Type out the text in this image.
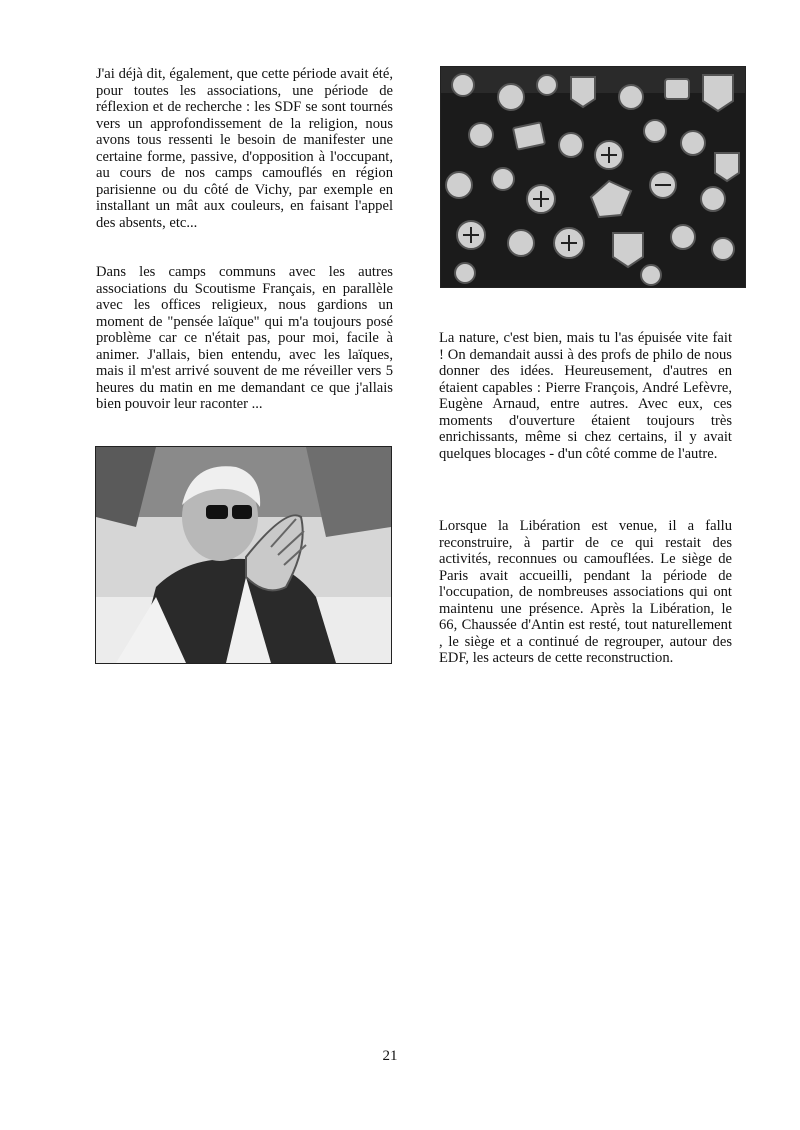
J'ai déjà dit, également, que cette période avait été, pour toutes les associations, une période de réflexion et de recherche : les SDF se sont tournés vers un approfondissement de la religion, nous avons tous ressenti le besoin de manifester une certaine forme, passive, d'opposition à l'occupant, au cours de nos camps camouflés en région parisienne ou du côté de Vichy, par exemple en installant un mât aux couleurs, en faisant l'appel des absents, etc...

Dans les camps communs avec les autres associations du Scoutisme Français, en parallèle avec les offices religieux, nous gardions un moment de "pensée laïque" qui m'a toujours posé problème car ce n'était pas, pour moi, facile à animer. J'allais, bien entendu, avec les laïques, mais il m'est arrivé souvent de me réveiller vers 5 heures du matin en me demandant ce que j'allais bien pouvoir leur raconter ...

La nature, c'est bien, mais tu l'as épuisée vite fait ! On demandait aussi à des profs de philo de nous donner des idées. Heureusement, d'autres en étaient capables : Pierre François, André Lefèvre, Eugène Arnaud, entre autres. Avec eux, ces moments d'ouverture étaient toujours très enrichissants, même si chez certains, il y avait quelques blocages - d'un côté comme de l'autre.

Lorsque la Libération est venue, il a fallu reconstruire, à partir de ce qui restait des activités, reconnues ou camouflées. Le siège de Paris avait accueilli, pendant la période de l'occupation, de nombreuses associations qui ont maintenu une présence. Après la Libération, le 66, Chaussée d'Antin est resté, tout naturellement , le siège et a continué de regrouper, autour des EDF, les acteurs de cette reconstruction.

21
